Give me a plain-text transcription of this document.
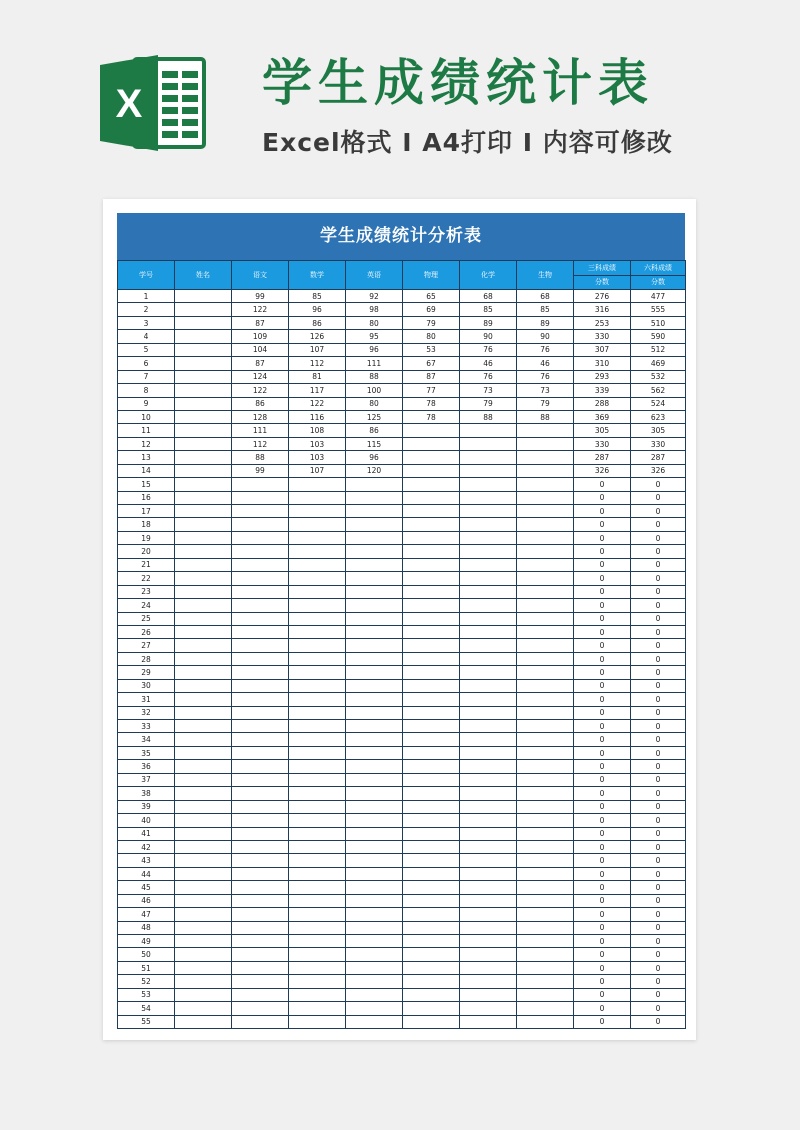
X 学生成绩统计表
Excel格式 I A4打印 I 内容可修改
学生成绩统计分析表
学号	姓名	语文	数学	英语	物理	化学	生物	三科成绩	六科成绩
								分数	分数
1		99	85	92	65	68	68	276	477
2		122	96	98	69	85	85	316	555
3		87	86	80	79	89	89	253	510
4		109	126	95	80	90	90	330	590
5		104	107	96	53	76	76	307	512
6		87	112	111	67	46	46	310	469
7		124	81	88	87	76	76	293	532
8		122	117	100	77	73	73	339	562
9		86	122	80	78	79	79	288	524
10		128	116	125	78	88	88	369	623
11		111	108	86				305	305
12		112	103	115				330	330
13		88	103	96				287	287
14		99	107	120				326	326
15								0	0
16								0	0
17								0	0
18								0	0
19								0	0
20								0	0
21								0	0
22								0	0
23								0	0
24								0	0
25								0	0
26								0	0
27								0	0
28								0	0
29								0	0
30								0	0
31								0	0
32								0	0
33								0	0
34								0	0
35								0	0
36								0	0
37								0	0
38								0	0
39								0	0
40								0	0
41								0	0
42								0	0
43								0	0
44								0	0
45								0	0
46								0	0
47								0	0
48								0	0
49								0	0
50								0	0
51								0	0
52								0	0
53								0	0
54								0	0
55								0	0
